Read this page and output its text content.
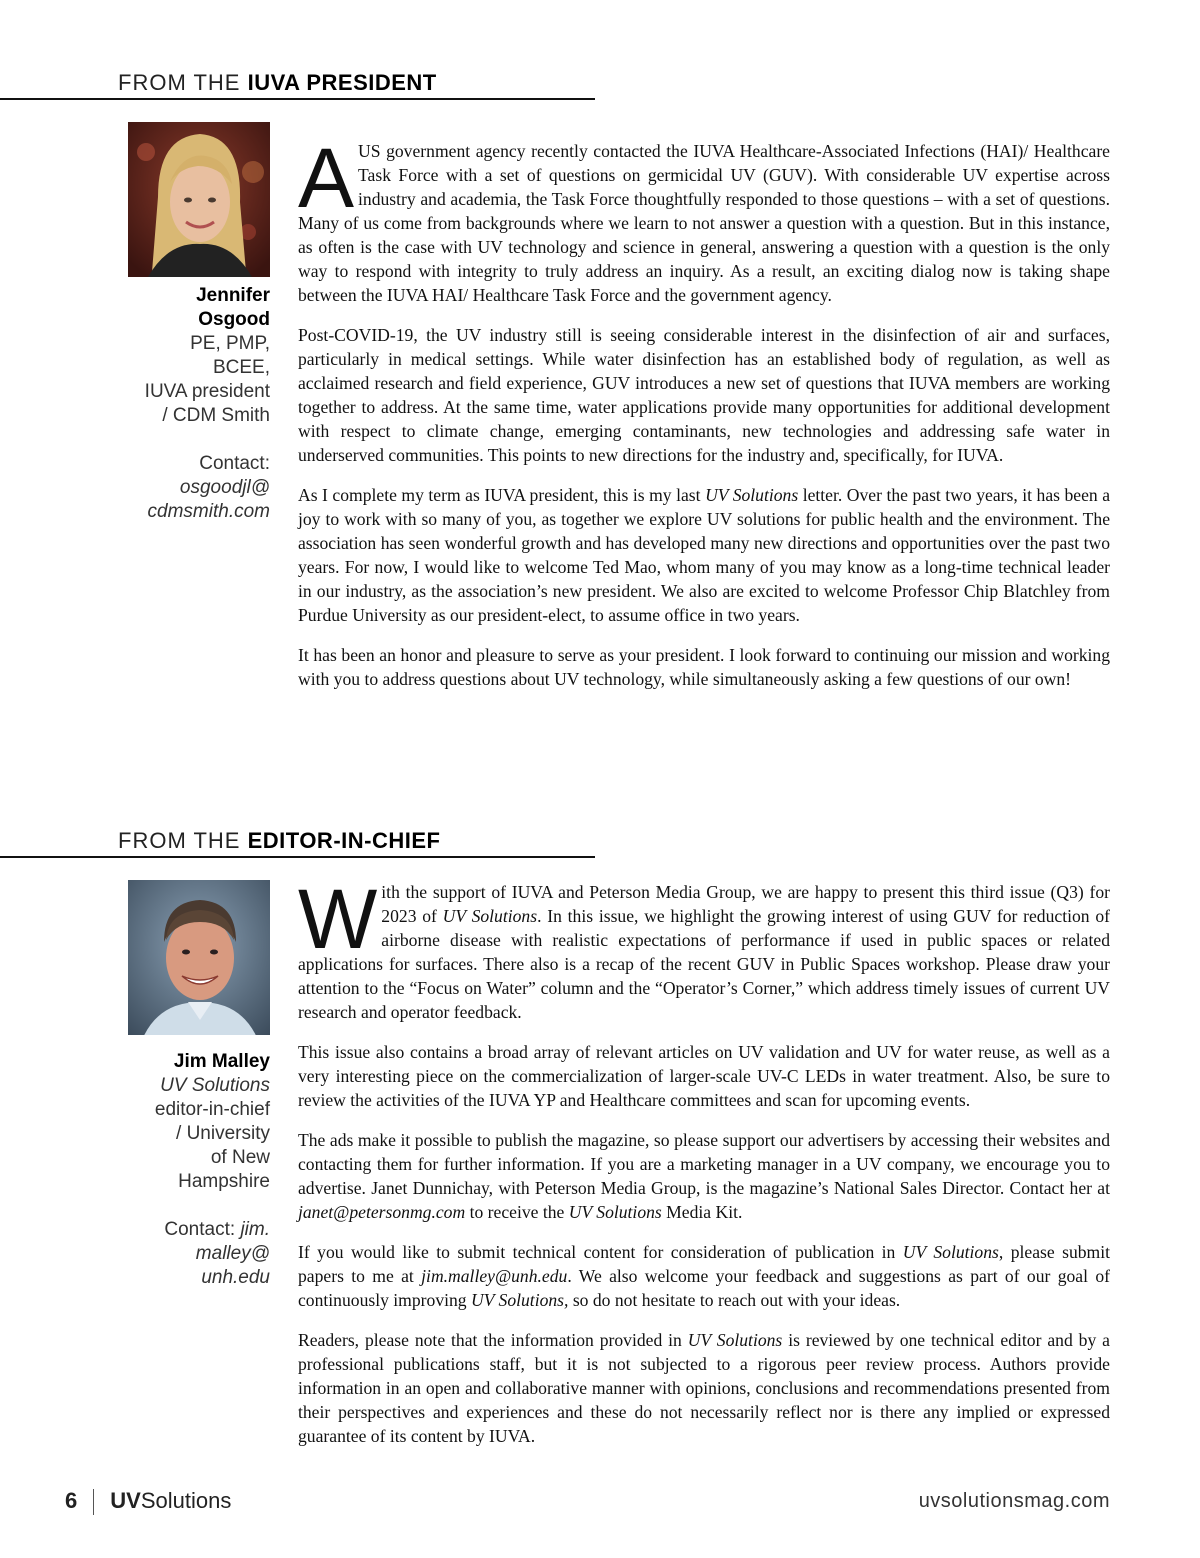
FROM THE IUVA PRESIDENT
Jennifer
Osgood
PE, PMP,
BCEE,
IUVA president
/ CDM Smith
Contact:
osgoodjl@
cdmsmith.com

A US government agency recently contacted the IUVA Healthcare-Associated Infections (HAI)/ Healthcare Task Force with a set of questions on germicidal UV (GUV). With considerable UV expertise across industry and academia, the Task Force thoughtfully responded to those questions – with a set of questions. Many of us come from backgrounds where we learn to not answer a question with a question. But in this instance, as often is the case with UV technology and science in general, answering a question with a question is the only way to respond with integrity to truly address an inquiry. As a result, an exciting dialog now is taking shape between the IUVA HAI/ Healthcare Task Force and the government agency.

Post-COVID-19, the UV industry still is seeing considerable interest in the disinfection of air and surfaces, particularly in medical settings. While water disinfection has an established body of regulation, as well as acclaimed research and field experience, GUV introduces a new set of questions that IUVA members are working together to address. At the same time, water applications provide many opportunities for additional development with respect to climate change, emerging contaminants, new technologies and addressing safe water in underserved communities. This points to new directions for the industry and, specifically, for IUVA.

As I complete my term as IUVA president, this is my last UV Solutions letter. Over the past two years, it has been a joy to work with so many of you, as together we explore UV solutions for public health and the environment. The association has seen wonderful growth and has developed many new directions and opportunities over the past two years. For now, I would like to welcome Ted Mao, whom many of you may know as a long-time technical leader in our industry, as the association’s new president. We also are excited to welcome Professor Chip Blatchley from Purdue University as our president-elect, to assume office in two years.

It has been an honor and pleasure to serve as your president. I look forward to continuing our mission and working with you to address questions about UV technology, while simultaneously asking a few questions of our own!

FROM THE EDITOR-IN-CHIEF
Jim Malley
UV Solutions
editor-in-chief
/ University
of New
Hampshire
Contact: jim.
malley@
unh.edu

With the support of IUVA and Peterson Media Group, we are happy to present this third issue (Q3) for 2023 of UV Solutions. In this issue, we highlight the growing interest of using GUV for reduction of airborne disease with realistic expectations of performance if used in public spaces or related applications for surfaces. There also is a recap of the recent GUV in Public Spaces workshop. Please draw your attention to the “Focus on Water” column and the “Operator’s Corner,” which address timely issues of current UV research and operator feedback.

This issue also contains a broad array of relevant articles on UV validation and UV for water reuse, as well as a very interesting piece on the commercialization of larger-scale UV-C LEDs in water treatment. Also, be sure to review the activities of the IUVA YP and Healthcare committees and scan for upcoming events.

The ads make it possible to publish the magazine, so please support our advertisers by accessing their websites and contacting them for further information. If you are a marketing manager in a UV company, we encourage you to advertise. Janet Dunnichay, with Peterson Media Group, is the magazine’s National Sales Director. Contact her at janet@petersonmg.com to receive the UV Solutions Media Kit.

If you would like to submit technical content for consideration of publication in UV Solutions, please submit papers to me at jim.malley@unh.edu. We also welcome your feedback and suggestions as part of our goal of continuously improving UV Solutions, so do not hesitate to reach out with your ideas.

Readers, please note that the information provided in UV Solutions is reviewed by one technical editor and by a professional publications staff, but it is not subjected to a rigorous peer review process. Authors provide information in an open and collaborative manner with opinions, conclusions and recommendations presented from their perspectives and experiences and these do not necessarily reflect nor is there any implied or expressed guarantee of its content by IUVA.

6 UVSolutions	uvsolutionsmag.com
